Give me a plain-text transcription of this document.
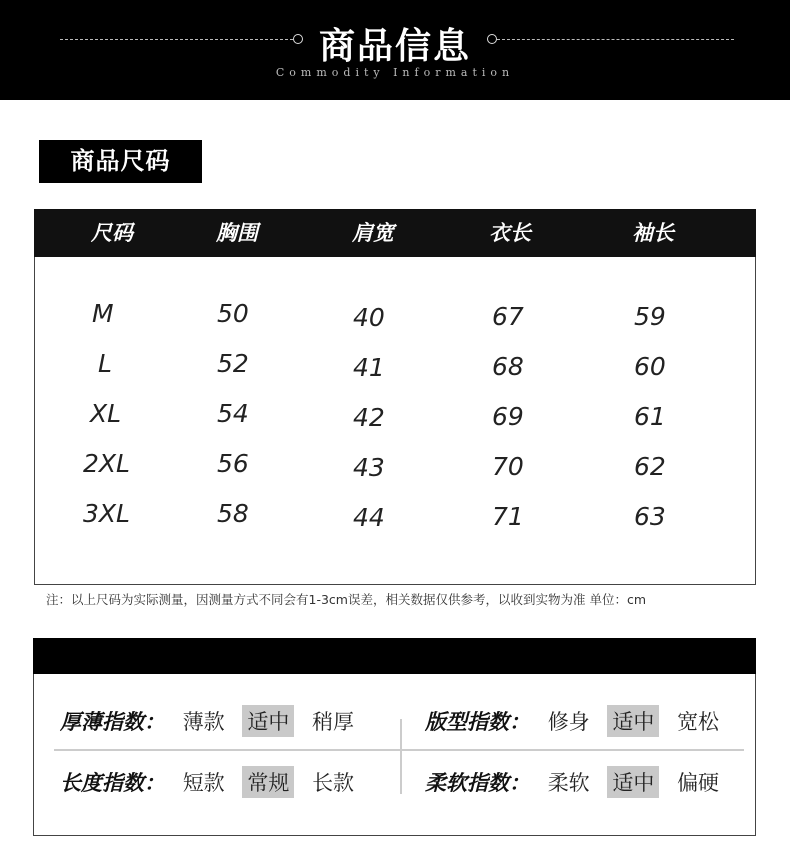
商品信息
Commodity Information
商品尺码
尺码	胸围	肩宽	衣长	袖长
M	50	40	67	59
L	52	41	68	60
XL	54	42	69	61
2XL	56	43	70	62
3XL	58	44	71	63
注：以上尺码为实际测量，因测量方式不同会有1-3cm误差，相关数据仅供参考，以收到实物为准 单位：cm
厚薄指数： 薄款 适中 稍厚	版型指数： 修身 适中 宽松
长度指数： 短款 常规 长款	柔软指数： 柔软 适中 偏硬
